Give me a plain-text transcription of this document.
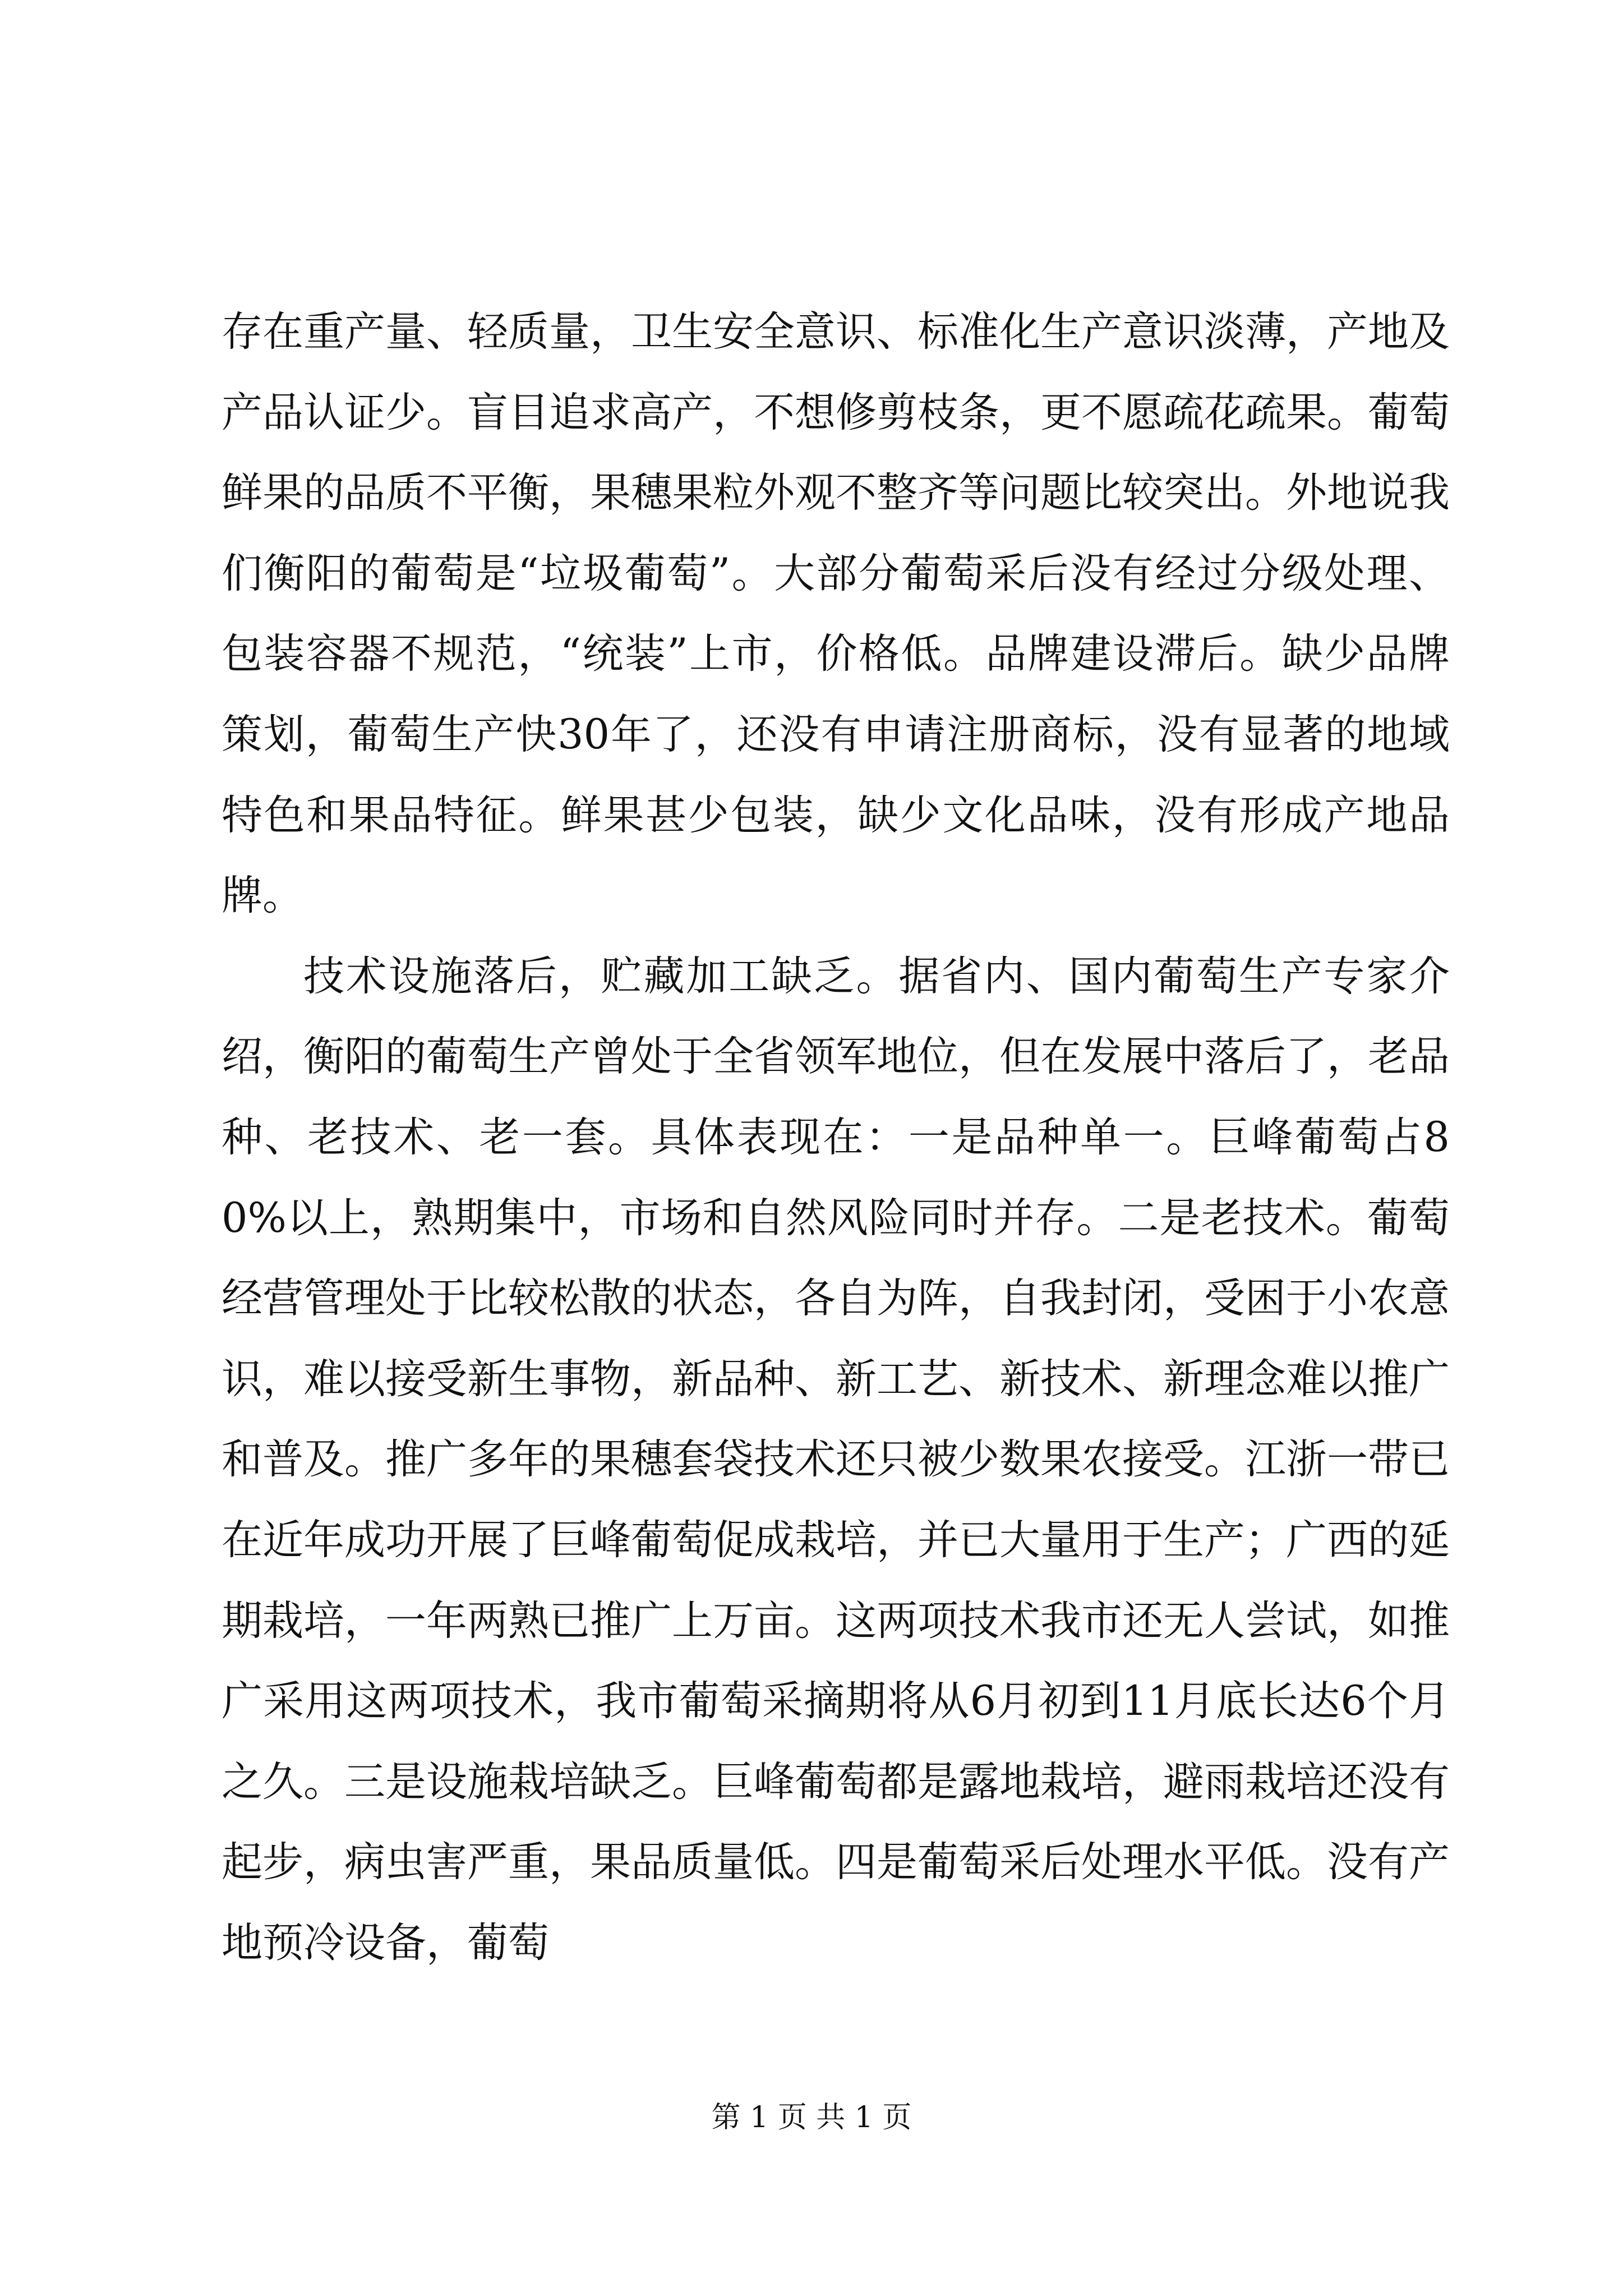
存在重产量、轻质量，卫生安全意识、标准化生产意识淡薄，产地及产品认证少。盲目追求高产，不想修剪枝条，更不愿疏花疏果。葡萄鲜果的品质不平衡，果穗果粒外观不整齐等问题比较突出。外地说我们衡阳的葡萄是“垃圾葡萄”。大部分葡萄采后没有经过分级处理、包装容器不规范，“统装”上市，价格低。品牌建设滞后。缺少品牌策划，葡萄生产快30年了，还没有申请注册商标，没有显著的地域特色和果品特征。鲜果甚少包装，缺少文化品味，没有形成产地品牌。

技术设施落后，贮藏加工缺乏。据省内、国内葡萄生产专家介绍，衡阳的葡萄生产曾处于全省领军地位，但在发展中落后了，老品种、老技术、老一套。具体表现在：一是品种单一。巨峰葡萄占80%以上，熟期集中，市场和自然风险同时并存。二是老技术。葡萄经营管理处于比较松散的状态，各自为阵，自我封闭，受困于小农意识，难以接受新生事物，新品种、新工艺、新技术、新理念难以推广和普及。推广多年的果穗套袋技术还只被少数果农接受。江浙一带已在近年成功开展了巨峰葡萄促成栽培，并已大量用于生产；广西的延期栽培，一年两熟已推广上万亩。这两项技术我市还无人尝试，如推广采用这两项技术，我市葡萄采摘期将从6月初到11月底长达6个月之久。三是设施栽培缺乏。巨峰葡萄都是露地栽培，避雨栽培还没有起步，病虫害严重，果品质量低。四是葡萄采后处理水平低。没有产地预冷设备，葡萄

第 1 页 共 1 页
